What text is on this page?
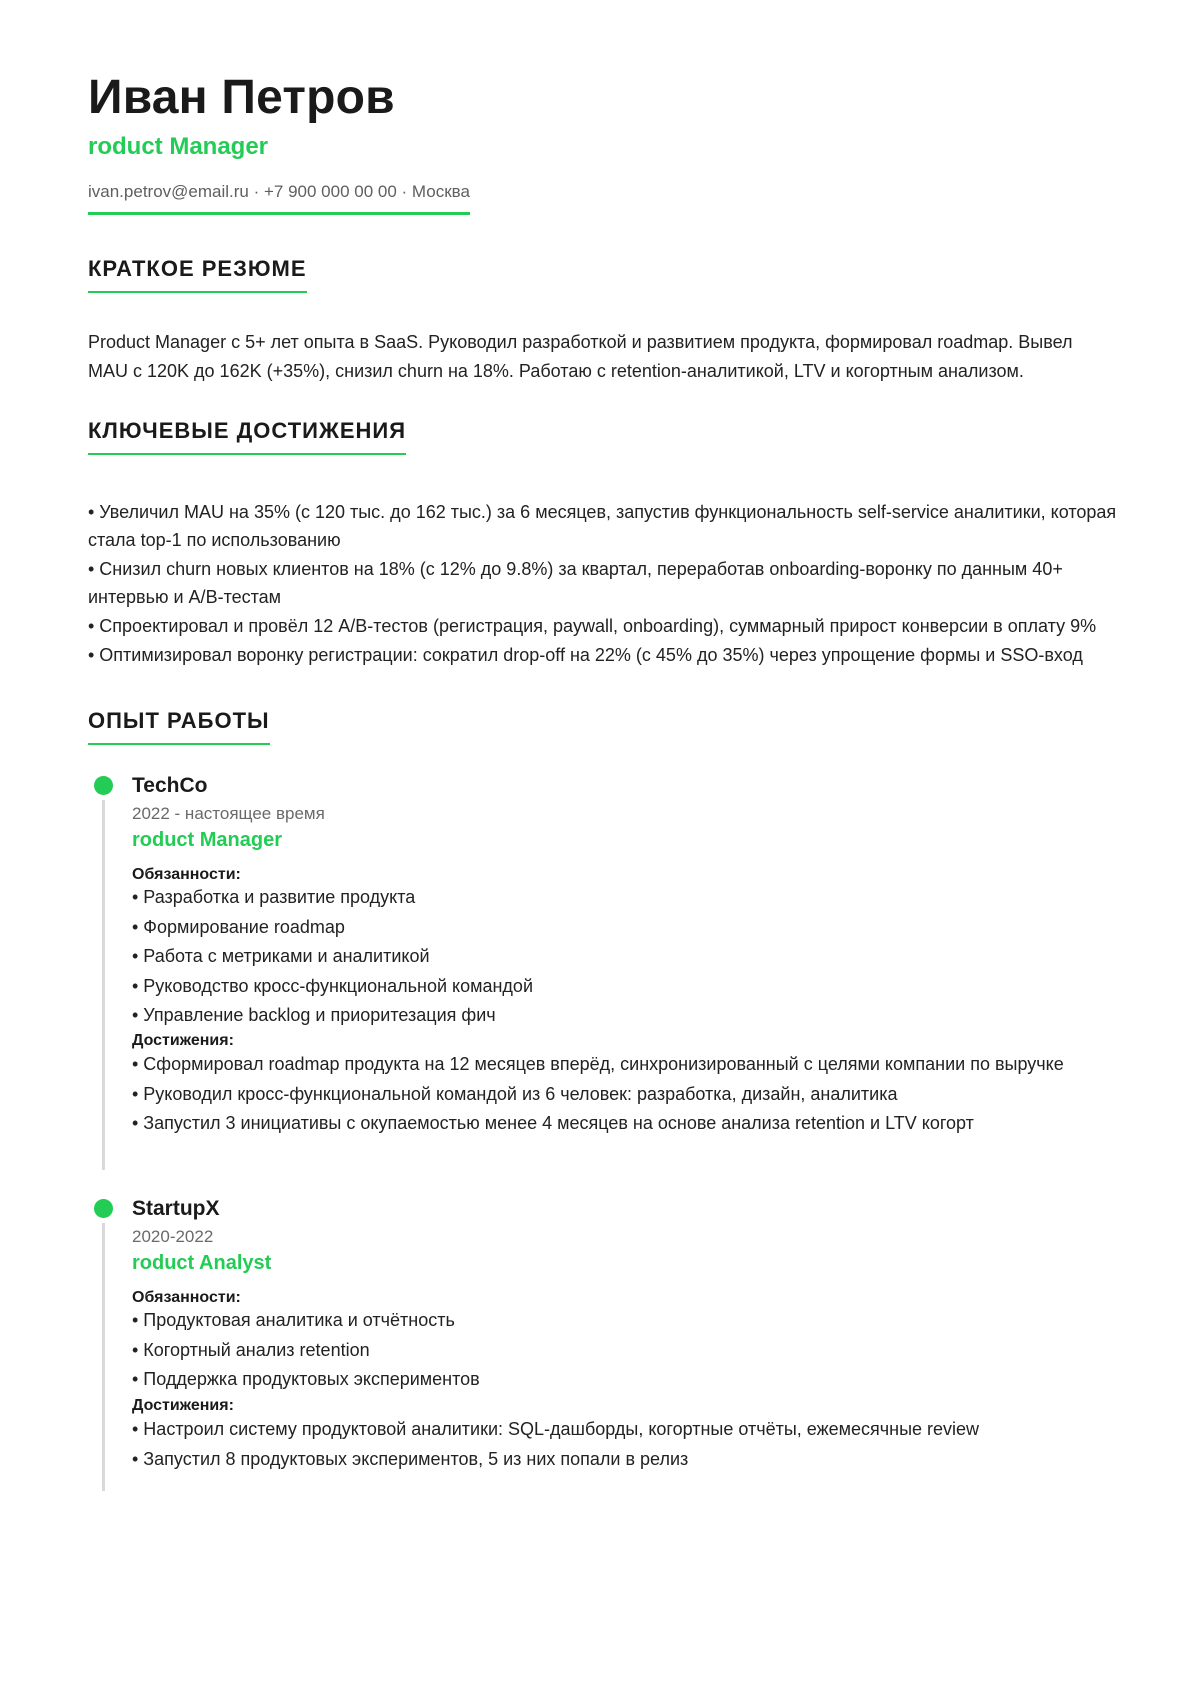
Иван Петров
roduct Manager
ivan.petrov@email.ru · +7 900 000 00 00 · Москва
КРАТКОЕ РЕЗЮМЕ
Product Manager с 5+ лет опыта в SaaS. Руководил разработкой и развитием продукта, формировал roadmap. Вывел MAU с 120K до 162K (+35%), снизил churn на 18%. Работаю с retention-аналитикой, LTV и когортным анализом.
КЛЮЧЕВЫЕ ДОСТИЖЕНИЯ
• Увеличил MAU на 35% (с 120 тыс. до 162 тыс.) за 6 месяцев, запустив функциональность self-service аналитики, которая стала top-1 по использованию
• Снизил churn новых клиентов на 18% (с 12% до 9.8%) за квартал, переработав onboarding-воронку по данным 40+ интервью и A/B-тестам
• Спроектировал и провёл 12 A/B-тестов (регистрация, paywall, onboarding), суммарный прирост конверсии в оплату 9%
• Оптимизировал воронку регистрации: сократил drop-off на 22% (с 45% до 35%) через упрощение формы и SSO-вход
ОПЫТ РАБОТЫ
TechCo
2022 - настоящее время
roduct Manager
Обязанности:
• Разработка и развитие продукта
• Формирование roadmap
• Работа с метриками и аналитикой
• Руководство кросс-функциональной командой
• Управление backlog и приоритезация фич
Достижения:
• Сформировал roadmap продукта на 12 месяцев вперёд, синхронизированный с целями компании по выручке
• Руководил кросс-функциональной командой из 6 человек: разработка, дизайн, аналитика
• Запустил 3 инициативы с окупаемостью менее 4 месяцев на основе анализа retention и LTV когорт
StartupX
2020-2022
roduct Analyst
Обязанности:
• Продуктовая аналитика и отчётность
• Когортный анализ retention
• Поддержка продуктовых экспериментов
Достижения:
• Настроил систему продуктовой аналитики: SQL-дашборды, когортные отчёты, ежемесячные review
• Запустил 8 продуктовых экспериментов, 5 из них попали в релиз
